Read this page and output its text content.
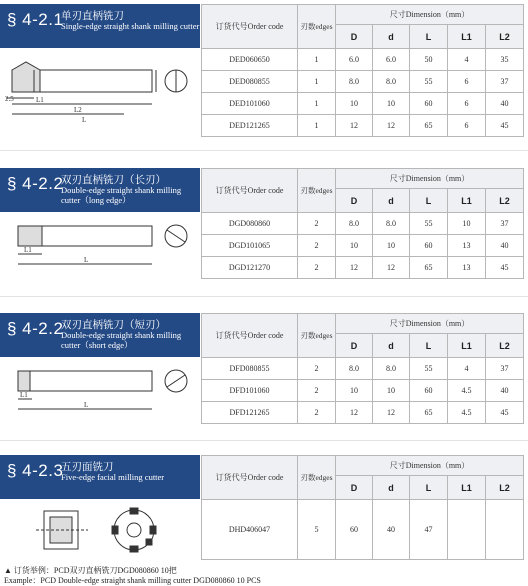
§ 4-2.1
单刃直柄铣刀
Single-edge straight shank milling cutter
2.5	L1
L2
L
订货代号Order code	刃数edges	尺寸Dimension（mm）				
		D	d	L	L1	L2
DED060650	1	6.0	6.0	50	4	35
DED080855	1	8.0	8.0	55	6	37
DED101060	1	10	10	60	6	40
DED121265	1	12	12	65	6	45
§ 4-2.2
双刃直柄铣刀（长刃）
Double-edge straight shank milling cutter（long edge）
L1
L
订货代号Order code	刃数edges	尺寸Dimension（mm）				
		D	d	L	L1	L2
DGD080860	2	8.0	8.0	55	10	37
DGD101065	2	10	10	60	13	40
DGD121270	2	12	12	65	13	45
§ 4-2.2
双刃直柄铣刀（短刃）
Double-edge straight shank milling cutter（short edge）
L1
L
订货代号Order code	刃数edges	尺寸Dimension（mm）				
		D	d	L	L1	L2
DFD080855	2	8.0	8.0	55	4	37
DFD101060	2	10	10	60	4.5	40
DFD121265	2	12	12	65	4.5	45
§ 4-2.3
五刃面铣刀
Five-edge facial milling cutter	订货代号Order code	刃数edges	尺寸Dimension（mm）				
		D	d	L	L1	L2
DHD406047	5	60	40	47		
▲ 订货举例：PCD双刃直柄铣刀DGD080860 10把
Example：PCD Double-edge straight shank milling cutter DGD080860 10 PCS
